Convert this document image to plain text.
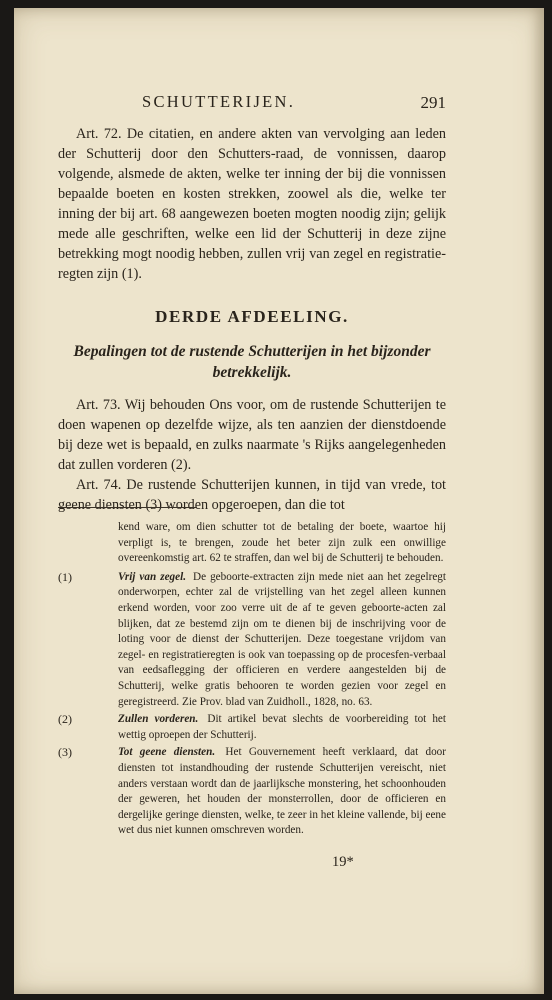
SCHUTTERIJEN.	291

Art. 72. De citatien, en andere akten van vervolging aan leden der Schutterij door den Schutters-raad, de vonnissen, daarop volgende, alsmede de akten, welke ter inning der bij die vonnissen bepaalde boeten en kosten strekken, zoowel als die, welke ter inning der bij art. 68 aangewezen boeten mogten noodig zijn; gelijk mede alle geschriften, welke een lid der Schutterij in deze zijne betrekking mogt noodig hebben, zullen vrij van zegel en registratie-regten zijn (1).

DERDE AFDEELING.
Bepalingen tot de rustende Schutterijen in het bijzonder betrekkelijk.

Art. 73. Wij behouden Ons voor, om de rustende Schutterijen te doen wapenen op dezelfde wijze, als ten aanzien der dienstdoende bij deze wet is bepaald, en zulks naarmate 's Rijks aangelegenheden dat zullen vorderen (2).

Art. 74. De rustende Schutterijen kunnen, in tijd van vrede, tot geene diensten (3) worden opgeroepen, dan die tot

kend ware, om dien schutter tot de betaling der boete, waartoe hij verpligt is, te brengen, zoude het beter zijn zulk een onwillige overeenkomstig art. 62 te straffen, dan wel bij de Schutterij te behouden.

(1)	Vrij van zegel. De geboorte-extracten zijn mede niet aan het zegelregt onderworpen, echter zal de vrijstelling van het zegel alleen kunnen erkend worden, voor zoo verre uit de af te geven geboorte-acten zal blijken, dat ze bestemd zijn om te dienen bij de inschrijving voor de loting voor de dienst der Schutterijen. Deze toegestane vrijdom van zegel- en registratieregten is ook van toepassing op de procesfen-verbaal van eedsaflegging der officieren en verdere aangestelden bij de Schutterij, welke gratis behooren te worden gezien voor zegel en geregistreerd. Zie Prov. blad van Zuidholl., 1828, no. 63.
(2)	Zullen vorderen. Dit artikel bevat slechts de voorbereiding tot het wettig oproepen der Schutterij.
(3)	Tot geene diensten. Het Gouvernement heeft verklaard, dat door diensten tot instandhouding der rustende Schutterijen vereischt, niet anders verstaan wordt dan de jaarlijksche monstering, het schoonhouden der geweren, het houden der monsterrollen, door de officieren en dergelijke geringe diensten, welke, te zeer in het kleine vallende, bij eene wet dus niet kunnen omschreven worden.
19*
